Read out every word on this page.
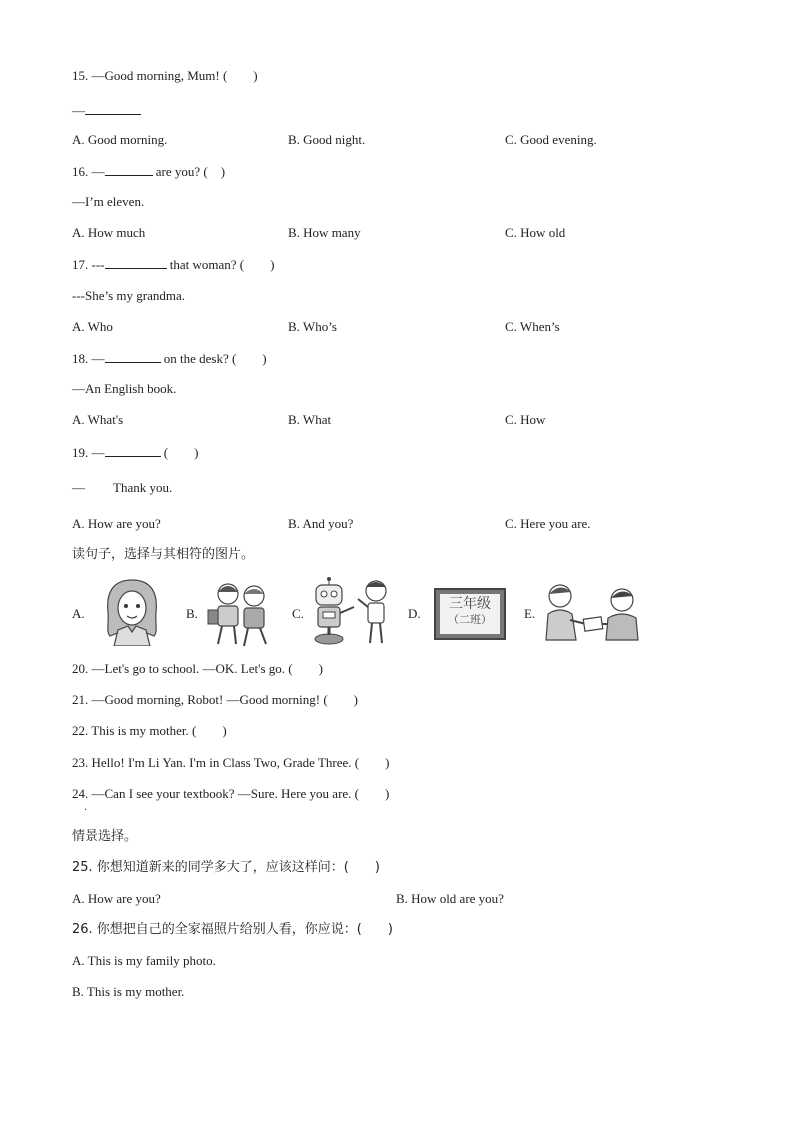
15. —Good morning, Mum! (　　)
—
A. Good morning.	B. Good night.	C. Good evening.
16. —	are you? (　)
—I’m eleven.
A. How much	B. How many	C. How old
17. ---	that woman? (　　)
---She’s my grandma.
A. Who	B. Who’s	C. When’s
18. —	on the desk? (　　)
—An English book.
A. What's	B. What	C. How
19. —	(　　)
— Thank you.
A. How are you?	B. And you?	C. Here you are.
读句子，选择与其相符的图片。
A.	B.	C.	D.
三年级
（二班）	E.
20. —Let's go to school. —OK. Let's go. (　　)
21. —Good morning, Robot! —Good morning! (　　)
22. This is my mother. (　　)
23. Hello! I'm Li Yan. I'm in Class Two, Grade Three. (　　)
24. —Can I see your textbook? —Sure. Here you are. (　　)
·
情景选择。
25. 你想知道新来的同学多大了，应该这样问：(　　)
A. How are you?	B. How old are you?
26. 你想把自己的全家福照片给别人看，你应说：(　　)
A. This is my family photo.
B. This is my mother.
